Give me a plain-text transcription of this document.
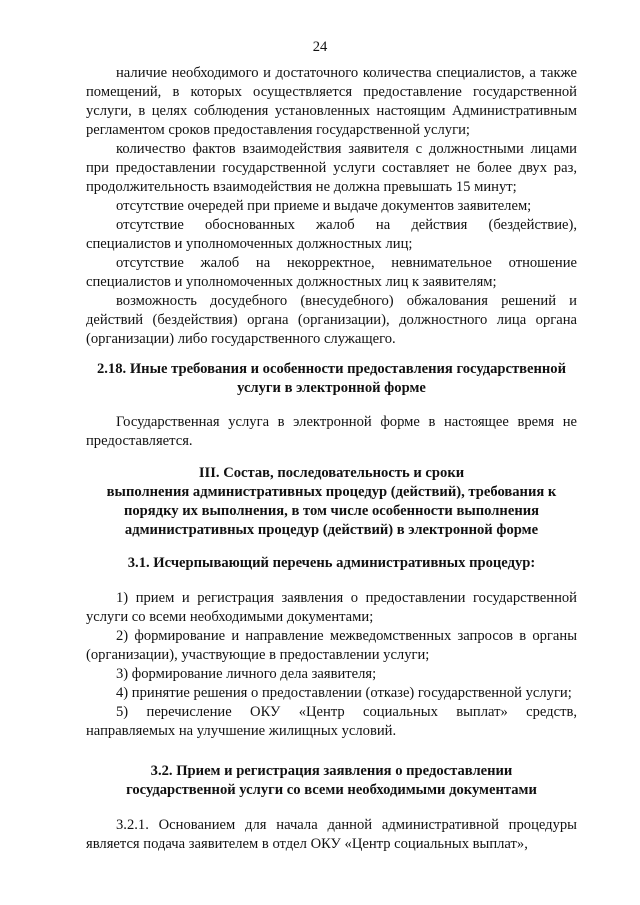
24

наличие необходимого и достаточного количества специалистов, а также помещений, в которых осуществляется предоставление государственной услуги, в целях соблюдения установленных настоящим Административным регламентом сроков предоставления государственной услуги;

количество фактов взаимодействия заявителя с должностными лицами при предоставлении государственной услуги составляет не более двух раз, продолжительность взаимодействия не должна превышать 15 минут;

отсутствие очередей при приеме и выдаче документов заявителем;

отсутствие обоснованных жалоб на действия (бездействие), специалистов и уполномоченных должностных лиц;

отсутствие жалоб на некорректное, невнимательное отношение специалистов и уполномоченных должностных лиц к заявителям;

возможность досудебного (внесудебного) обжалования решений и действий (бездействия) органа (организации), должностного лица органа (организации) либо государственного служащего.

2.18. Иные требования и особенности предоставления государственной
услуги в электронной форме

Государственная услуга в электронной форме в настоящее время не предоставляется.

III. Состав, последовательность и сроки
выполнения административных процедур (действий), требования к
порядку их выполнения, в том числе особенности выполнения
административных процедур (действий) в электронной форме
3.1. Исчерпывающий перечень административных процедур:

1) прием и регистрация заявления о предоставлении государственной услуги со всеми необходимыми документами;

2) формирование и направление межведомственных запросов в органы (организации), участвующие в предоставлении услуги;

3) формирование личного дела заявителя;

4) принятие решения о предоставлении (отказе) государственной услуги;

5) перечисление ОКУ «Центр социальных выплат» средств, направляемых на улучшение жилищных условий.

3.2. Прием и регистрация заявления о предоставлении
государственной услуги со всеми необходимыми документами

3.2.1. Основанием для начала данной административной процедуры является подача заявителем в отдел ОКУ «Центр социальных выплат»,
